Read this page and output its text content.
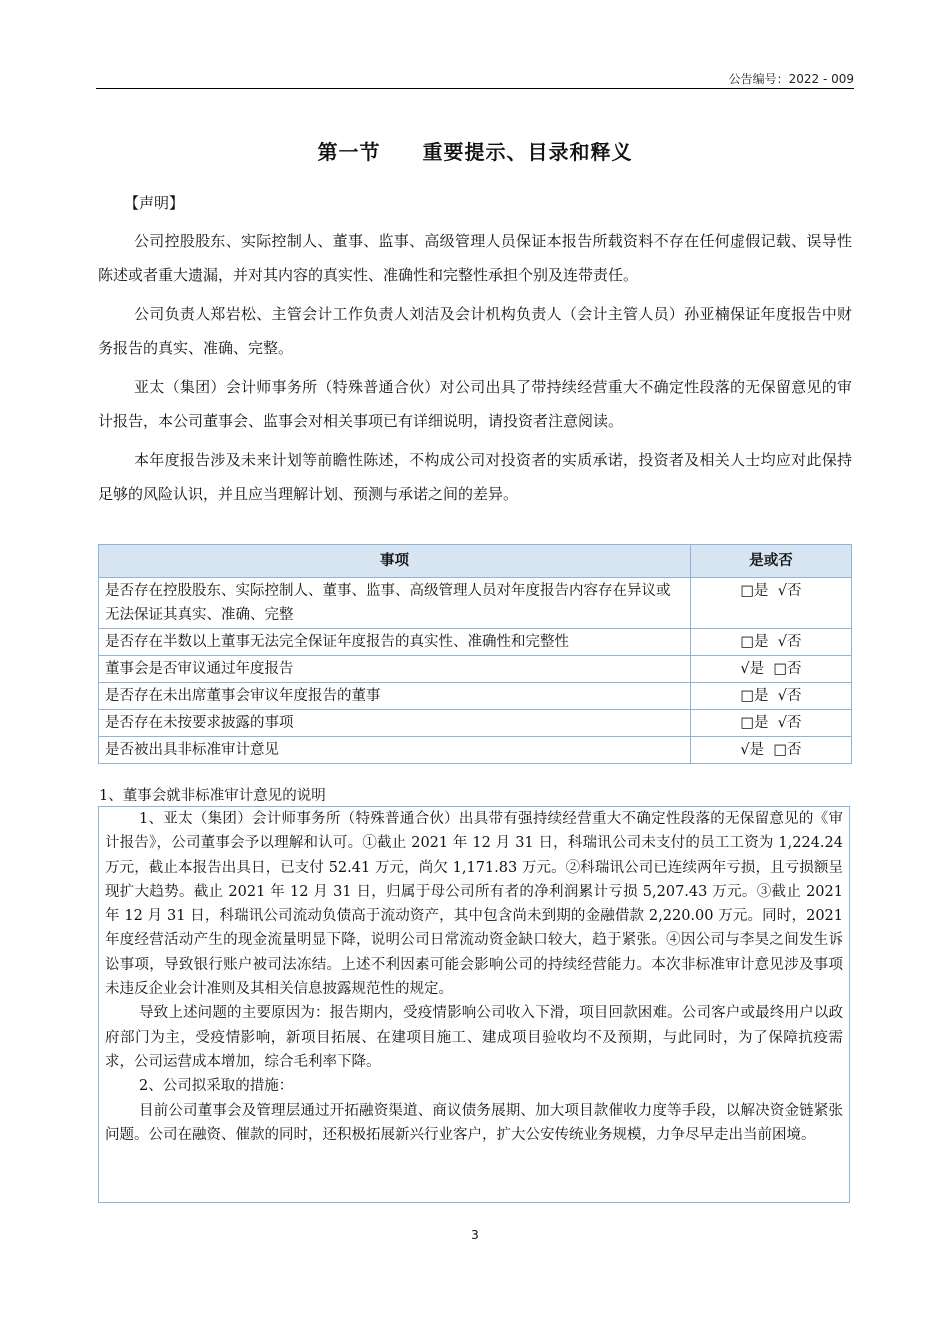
公告编号：2022 - 009
第一节　　重要提示、目录和释义
【声明】

公司控股股东、实际控制人、董事、监事、高级管理人员保证本报告所载资料不存在任何虚假记载、误导性陈述或者重大遗漏，并对其内容的真实性、准确性和完整性承担个别及连带责任。

公司负责人郑岩松、主管会计工作负责人刘洁及会计机构负责人（会计主管人员）孙亚楠保证年度报告中财务报告的真实、准确、完整。

亚太（集团）会计师事务所（特殊普通合伙）对公司出具了带持续经营重大不确定性段落的无保留意见的审计报告，本公司董事会、监事会对相关事项已有详细说明，请投资者注意阅读。

本年度报告涉及未来计划等前瞻性陈述，不构成公司对投资者的实质承诺，投资者及相关人士均应对此保持足够的风险认识，并且应当理解计划、预测与承诺之间的差异。

事项	是或否
是否存在控股股东、实际控制人、董事、监事、高级管理人员对年度报告内容存在异议或无法保证其真实、准确、完整	□是  √否
是否存在半数以上董事无法完全保证年度报告的真实性、准确性和完整性	□是  √否
董事会是否审议通过年度报告	√是  □否
是否存在未出席董事会审议年度报告的董事	□是  √否
是否存在未按要求披露的事项	□是  √否
是否被出具非标准审计意见	√是  □否
1、董事会就非标准审计意见的说明

1、亚太（集团）会计师事务所（特殊普通合伙）出具带有强持续经营重大不确定性段落的无保留意见的《审计报告》，公司董事会予以理解和认可。①截止 2021 年 12 月 31 日，科瑞讯公司未支付的员工工资为 1,224.24 万元，截止本报告出具日，已支付 52.41 万元，尚欠 1,171.83 万元。②科瑞讯公司已连续两年亏损，且亏损额呈现扩大趋势。截止 2021 年 12 月 31 日，归属于母公司所有者的净利润累计亏损 5,207.43 万元。③截止 2021 年 12 月 31 日，科瑞讯公司流动负债高于流动资产，其中包含尚未到期的金融借款 2,220.00 万元。同时，2021 年度经营活动产生的现金流量明显下降，说明公司日常流动资金缺口较大，趋于紧张。④因公司与李昊之间发生诉讼事项，导致银行账户被司法冻结。上述不利因素可能会影响公司的持续经营能力。本次非标准审计意见涉及事项未违反企业会计准则及其相关信息披露规范性的规定。

导致上述问题的主要原因为：报告期内，受疫情影响公司收入下滑，项目回款困难。公司客户或最终用户以政府部门为主，受疫情影响，新项目拓展、在建项目施工、建成项目验收均不及预期，与此同时，为了保障抗疫需求，公司运营成本增加，综合毛利率下降。

2、公司拟采取的措施：

目前公司董事会及管理层通过开拓融资渠道、商议债务展期、加大项目款催收力度等手段，以解决资金链紧张问题。公司在融资、催款的同时，还积极拓展新兴行业客户，扩大公安传统业务规模，力争尽早走出当前困境。

3
